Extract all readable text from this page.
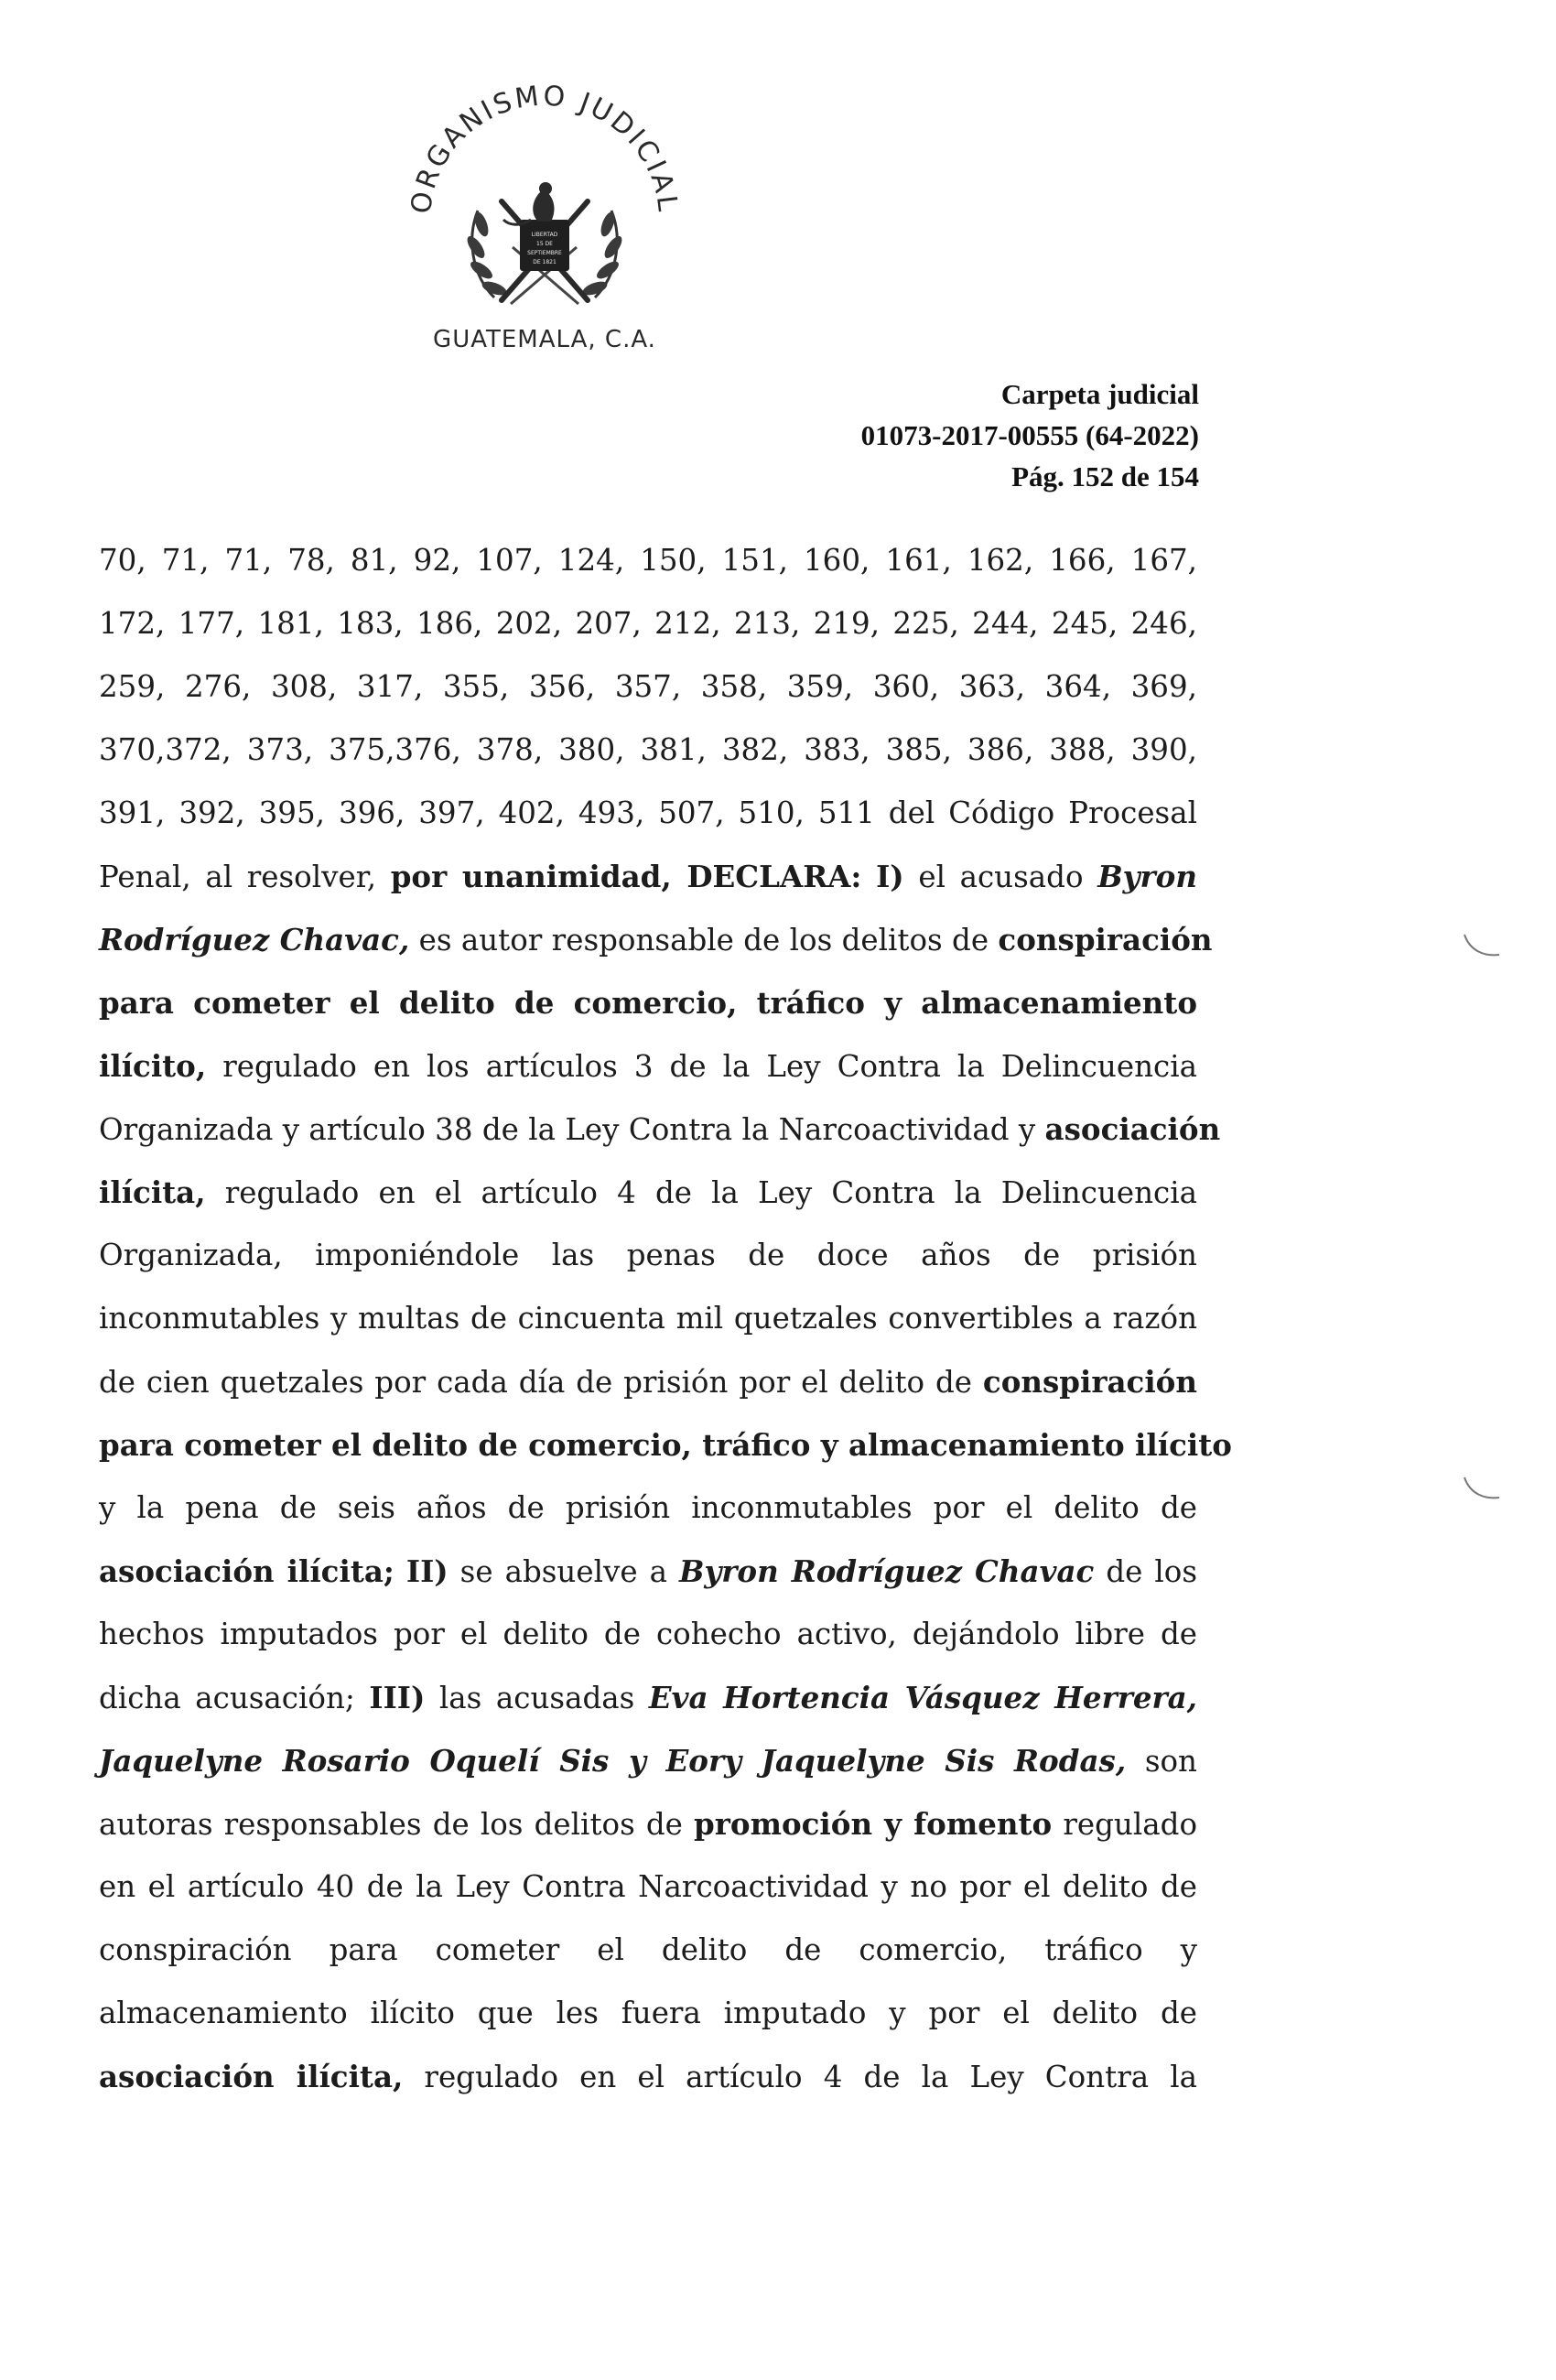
ORGANISMO JUDICIAL
LIBERTAD
15 DE
SEPTIEMBRE
DE 1821
GUATEMALA, C.A.
Carpeta judicial
01073-2017-00555 (64-2022)
Pág. 152 de 154
70, 71, 71, 78, 81, 92, 107, 124, 150, 151, 160, 161, 162, 166, 167,
172, 177, 181, 183, 186, 202, 207, 212, 213, 219, 225, 244, 245, 246,
259, 276, 308, 317, 355, 356, 357, 358, 359, 360, 363, 364, 369,
370,372, 373, 375,376, 378, 380, 381, 382, 383, 385, 386, 388, 390,
391, 392, 395, 396, 397, 402, 493, 507, 510, 511 del Código Procesal
Penal, al resolver, por unanimidad, DECLARA: I) el acusado Byron
Rodríguez Chavac, es autor responsable de los delitos de conspiración
para cometer el delito de comercio, tráfico y almacenamiento
ilícito, regulado en los artículos 3 de la Ley Contra la Delincuencia
Organizada y artículo 38 de la Ley Contra la Narcoactividad y asociación
ilícita, regulado en el artículo 4 de la Ley Contra la Delincuencia
Organizada, imponiéndole las penas de doce años de prisión
inconmutables y multas de cincuenta mil quetzales convertibles a razón
de cien quetzales por cada día de prisión por el delito de conspiración
para cometer el delito de comercio, tráfico y almacenamiento ilícito
y la pena de seis años de prisión inconmutables por el delito de
asociación ilícita; II) se absuelve a Byron Rodríguez Chavac de los
hechos imputados por el delito de cohecho activo, dejándolo libre de
dicha acusación; III) las acusadas Eva Hortencia Vásquez Herrera,
Jaquelyne Rosario Oquelí Sis y Eory Jaquelyne Sis Rodas, son
autoras responsables de los delitos de promoción y fomento regulado
en el artículo 40 de la Ley Contra Narcoactividad y no por el delito de
conspiración para cometer el delito de comercio, tráfico y
almacenamiento ilícito que les fuera imputado y por el delito de
asociación ilícita, regulado en el artículo 4 de la Ley Contra la
